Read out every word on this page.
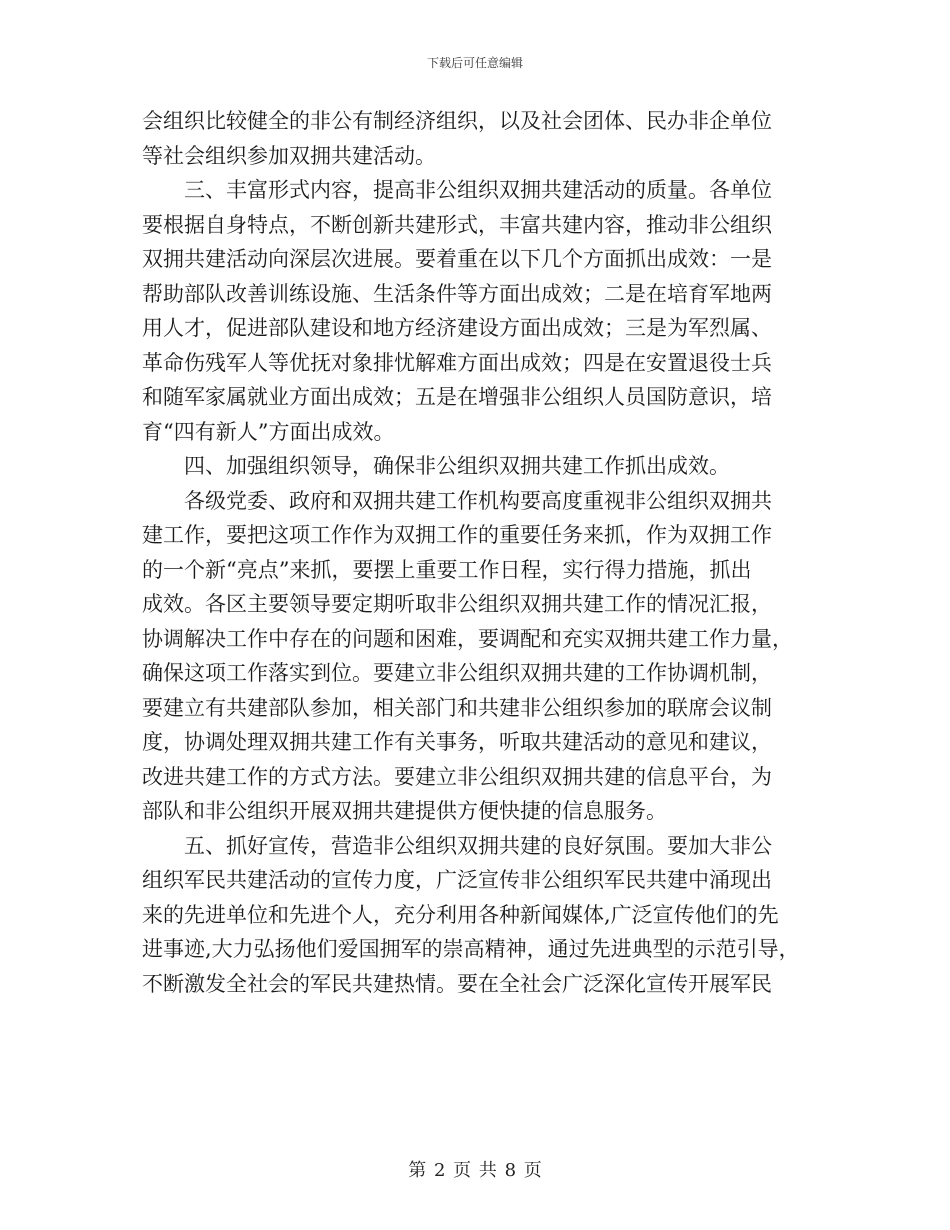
下载后可任意编辑

会组织比较健全的非公有制经济组织，以及社会团体、民办非企单位
等社会组织参加双拥共建活动。
　　三、丰富形式内容，提高非公组织双拥共建活动的质量。各单位
要根据自身特点，不断创新共建形式，丰富共建内容，推动非公组织
双拥共建活动向深层次进展。要着重在以下几个方面抓出成效：一是
帮助部队改善训练设施、生活条件等方面出成效；二是在培育军地两
用人才，促进部队建设和地方经济建设方面出成效；三是为军烈属、
革命伤残军人等优抚对象排忧解难方面出成效；四是在安置退役士兵
和随军家属就业方面出成效；五是在增强非公组织人员国防意识，培
育“四有新人”方面出成效。
　　四、加强组织领导，确保非公组织双拥共建工作抓出成效。
　　各级党委、政府和双拥共建工作机构要高度重视非公组织双拥共
建工作，要把这项工作作为双拥工作的重要任务来抓，作为双拥工作
的一个新“亮点”来抓，要摆上重要工作日程，实行得力措施，抓出
成效。各区主要领导要定期听取非公组织双拥共建工作的情况汇报，
协调解决工作中存在的问题和困难，要调配和充实双拥共建工作力量，
确保这项工作落实到位。要建立非公组织双拥共建的工作协调机制，
要建立有共建部队参加，相关部门和共建非公组织参加的联席会议制
度，协调处理双拥共建工作有关事务，听取共建活动的意见和建议，
改进共建工作的方式方法。要建立非公组织双拥共建的信息平台，为
部队和非公组织开展双拥共建提供方便快捷的信息服务。
　　五、抓好宣传，营造非公组织双拥共建的良好氛围。要加大非公
组织军民共建活动的宣传力度，广泛宣传非公组织军民共建中涌现出
来的先进单位和先进个人，充分利用各种新闻媒体,广泛宣传他们的先
进事迹,大力弘扬他们爱国拥军的崇高精神，通过先进典型的示范引导，
不断激发全社会的军民共建热情。要在全社会广泛深化宣传开展军民

第 2 页 共 8 页
